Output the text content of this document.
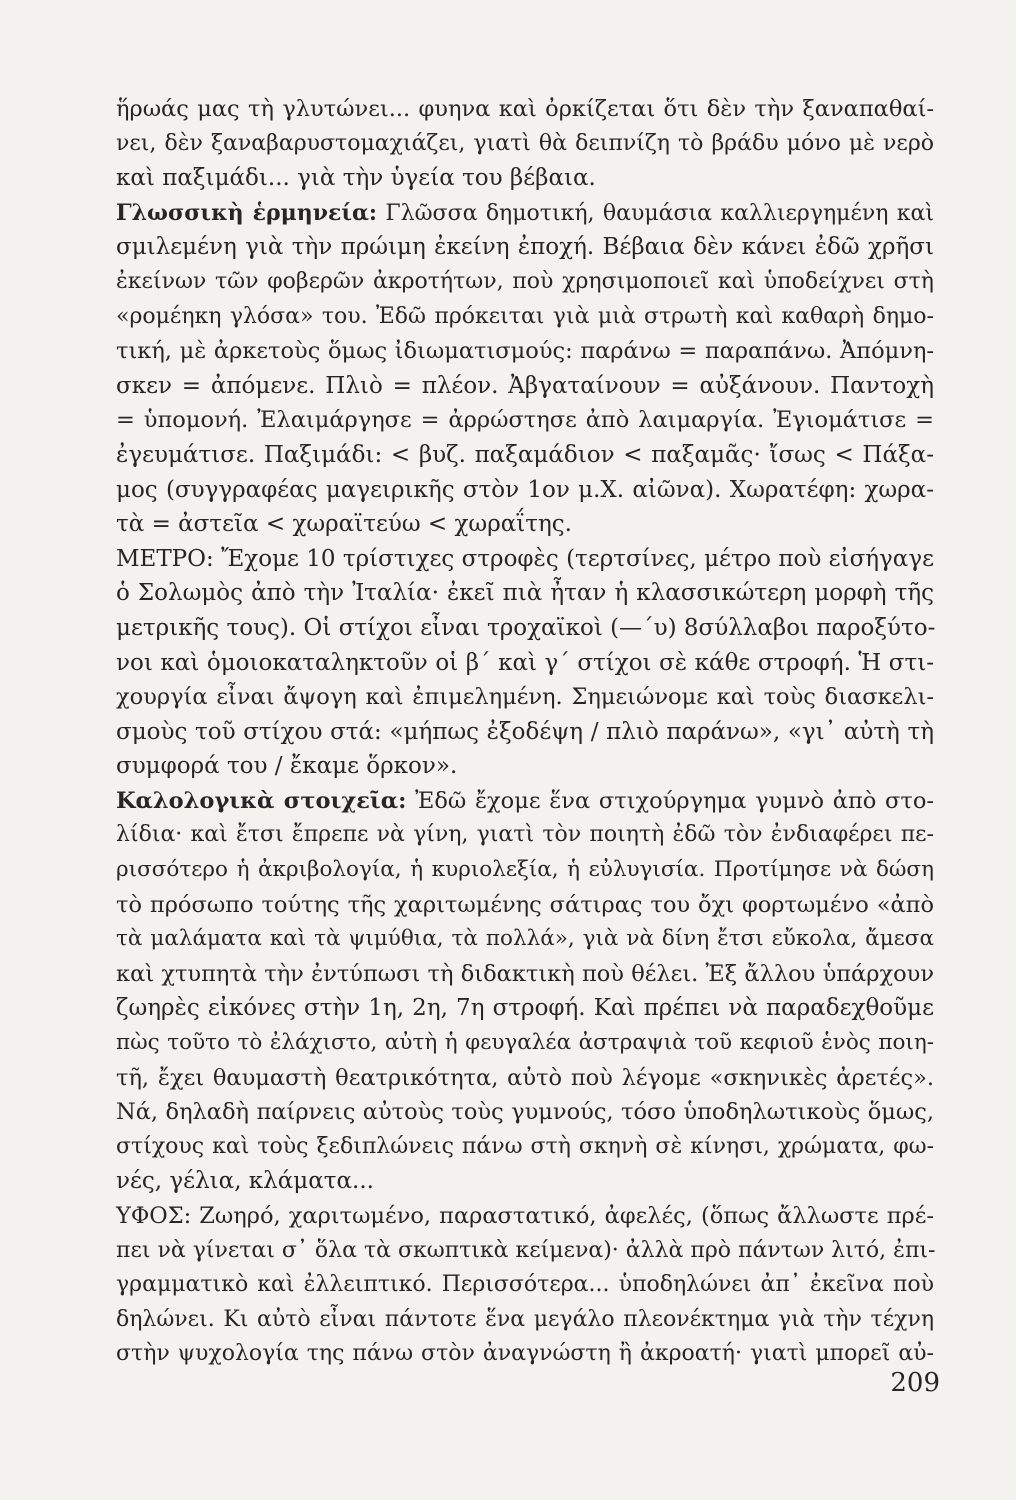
ἥρωάς μας τὴ γλυτώνει... φυηνα καὶ ὀρκίζεται ὅτι δὲν τὴν ξαναπαθαί-
νει, δὲν ξαναβαρυστομαχιάζει, γιατὶ θὰ δειπνίζη τὸ βράδυ μόνο μὲ νερὸ
καὶ παξιμάδι... γιὰ τὴν ὑγεία του βέβαια.
Γλωσσικὴ ἑρμηνεία: Γλῶσσα δημοτική, θαυμάσια καλλιεργημένη καὶ
σμιλεμένη γιὰ τὴν πρώιμη ἐκείνη ἐποχή. Βέβαια δὲν κάνει ἐδῶ χρῆσι
ἐκείνων τῶν φοβερῶν ἀκροτήτων, ποὺ χρησιμοποιεῖ καὶ ὑποδείχνει στὴ
«ρομέηκη γλόσα» του. Ἐδῶ πρόκειται γιὰ μιὰ στρωτὴ καὶ καθαρὴ δημο-
τική, μὲ ἀρκετοὺς ὅμως ἰδιωματισμούς: παράνω = παραπάνω. Ἀπόμνη-
σκεν = ἀπόμενε. Πλιὸ = πλέον. Ἀβγαταίνουν = αὐξάνουν. Παντοχὴ
= ὑπομονή. Ἐλαιμάργησε = ἀρρώστησε ἀπὸ λαιμαργία. Ἐγιομάτισε =
ἐγευμάτισε. Παξιμάδι: < βυζ. παξαμάδιον < παξαμᾶς· ἴσως < Πάξα-
μος (συγγραφέας μαγειρικῆς στὸν 1ον μ.Χ. αἰῶνα). Χωρατέφη: χωρα-
τὰ = ἀστεῖα < χωραϊτεύω < χωραΐτης.
ΜΕΤΡΟ: Ἔχομε 10 τρίστιχες στροφὲς (τερτσίνες, μέτρο ποὺ εἰσήγαγε
ὁ Σολωμὸς ἀπὸ τὴν Ἰταλία· ἐκεῖ πιὰ ἦταν ἡ κλασσικώτερη μορφὴ τῆς
μετρικῆς τους). Οἱ στίχοι εἶναι τροχαϊκοὶ (—΄υ) 8σύλλαβοι παροξύτο-
νοι καὶ ὁμοιοκαταληκτοῦν οἱ β΄ καὶ γ΄ στίχοι σὲ κάθε στροφή. Ἡ στι-
χουργία εἶναι ἄψογη καὶ ἐπιμελημένη. Σημειώνομε καὶ τοὺς διασκελι-
σμοὺς τοῦ στίχου στά: «μήπως ἐξοδέψη / πλιὸ παράνω», «γι᾽ αὐτὴ τὴ
συμφορά του / ἔκαμε ὅρκον».
Καλολογικὰ στοιχεῖα: Ἐδῶ ἔχομε ἕνα στιχούργημα γυμνὸ ἀπὸ στο-
λίδια· καὶ ἔτσι ἔπρεπε νὰ γίνη, γιατὶ τὸν ποιητὴ ἐδῶ τὸν ἐνδιαφέρει πε-
ρισσότερο ἡ ἀκριβολογία, ἡ κυριολεξία, ἡ εὐλυγισία. Προτίμησε νὰ δώση
τὸ πρόσωπο τούτης τῆς χαριτωμένης σάτιρας του ὄχι φορτωμένο «ἀπὸ
τὰ μαλάματα καὶ τὰ ψιμύθια, τὰ πολλά», γιὰ νὰ δίνη ἔτσι εὔκολα, ἄμεσα
καὶ χτυπητὰ τὴν ἐντύπωσι τὴ διδακτικὴ ποὺ θέλει. Ἐξ ἄλλου ὑπάρχουν
ζωηρὲς εἰκόνες στὴν 1η, 2η, 7η στροφή. Καὶ πρέπει νὰ παραδεχθοῦμε
πὼς τοῦτο τὸ ἐλάχιστο, αὐτὴ ἡ φευγαλέα ἀστραψιὰ τοῦ κεφιοῦ ἑνὸς ποιη-
τῆ, ἔχει θαυμαστὴ θεατρικότητα, αὐτὸ ποὺ λέγομε «σκηνικὲς ἀρετές».
Νά, δηλαδὴ παίρνεις αὐτοὺς τοὺς γυμνούς, τόσο ὑποδηλωτικοὺς ὅμως,
στίχους καὶ τοὺς ξεδιπλώνεις πάνω στὴ σκηνὴ σὲ κίνησι, χρώματα, φω-
νές, γέλια, κλάματα...
ΥΦΟΣ: Ζωηρό, χαριτωμένο, παραστατικό, ἀφελές, (ὅπως ἄλλωστε πρέ-
πει νὰ γίνεται σ᾽ ὅλα τὰ σκωπτικὰ κείμενα)· ἀλλὰ πρὸ πάντων λιτό, ἐπι-
γραμματικὸ καὶ ἐλλειπτικό. Περισσότερα... ὑποδηλώνει ἀπ᾽ ἐκεῖνα ποὺ
δηλώνει. Κι αὐτὸ εἶναι πάντοτε ἕνα μεγάλο πλεονέκτημα γιὰ τὴν τέχνη
στὴν ψυχολογία της πάνω στὸν ἀναγνώστη ἢ ἀκροατή· γιατὶ μπορεῖ αὐ-
209
